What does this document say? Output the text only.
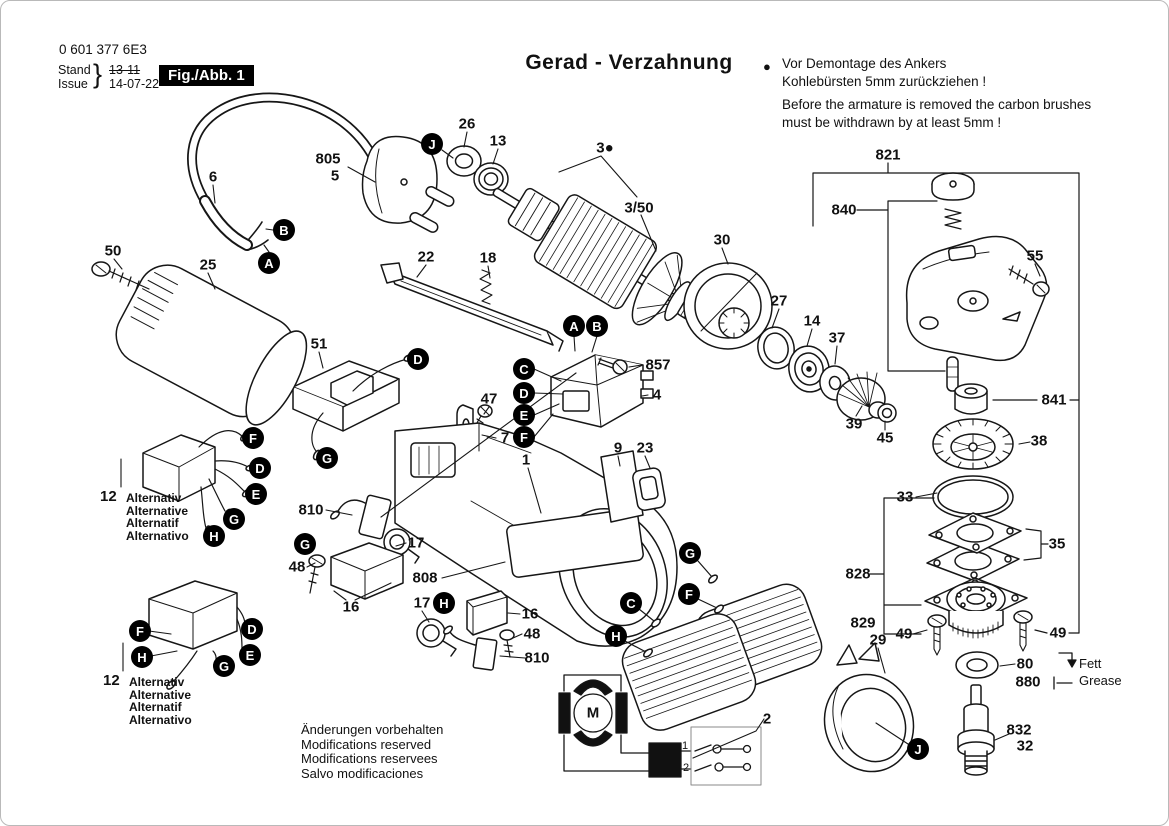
0 601 377 6E3
Stand
Issue } 13-11
14-07-22 Fig./Abb. 1
Gerad - Verzahnung ● Vor Demontage des Ankers
Kohlebürsten 5mm zurückziehen !
Before the armature is removed the carbon brushes
must be withdrawn by at least 5mm !
12 Alternativ
Alternative
Alternatif
Alternativo
12 Alternativ
Alternative
Alternatif
Alternativo
Änderungen vorbehalten
Modifications reserved
Modifications reservees
Salvo modificaciones
Fett
Grease
M
805
5
6
50
25
26
13	3●
3/50
30
22	18
27
14
37
857
4
39
45
51
47
7
1
9 23
821
840
55
841
38
33
35
828
49	49
829
29
80
880
832
32
810
17
48
16
808
17
16
48
810
2
B
A
J
A	B
C
D
E
F
D
G
F
D
E
G
H
G
H
F
H
D
E
G
G
F
C
H
J
1
2
